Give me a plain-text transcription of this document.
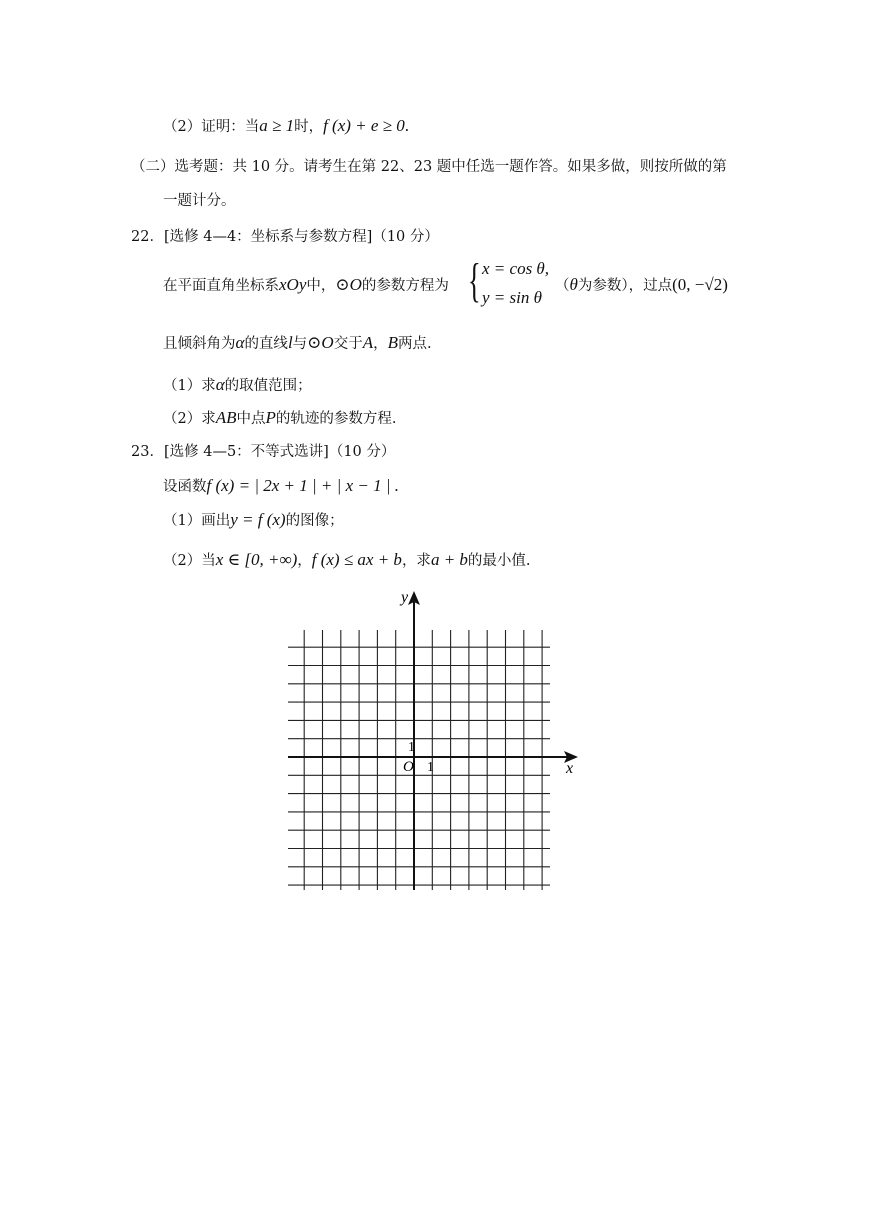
（2）证明：当a ≥ 1时，f (x) + e ≥ 0.
（二）选考题：共 10 分。请考生在第 22、23 题中任选一题作答。如果多做，则按所做的第
一题计分。
22．[选修 4—4：坐标系与参数方程]（10 分）
在平面直角坐标系xOy中，⊙O的参数方程为 { x = cos θ,
y = sin θ
（θ为参数），过点(0, −√2)
且倾斜角为α的直线l与⊙O交于A，B两点.
（1）求α的取值范围；
（2）求AB中点P的轨迹的参数方程.
23．[选修 4—5：不等式选讲]（10 分）
设函数f (x) = | 2x + 1 | + | x − 1 | .
（1）画出y = f (x)的图像；
（2）当x ∈ [0, +∞)，f (x) ≤ ax + b，求a + b的最小值.
y
x
O 1
1
